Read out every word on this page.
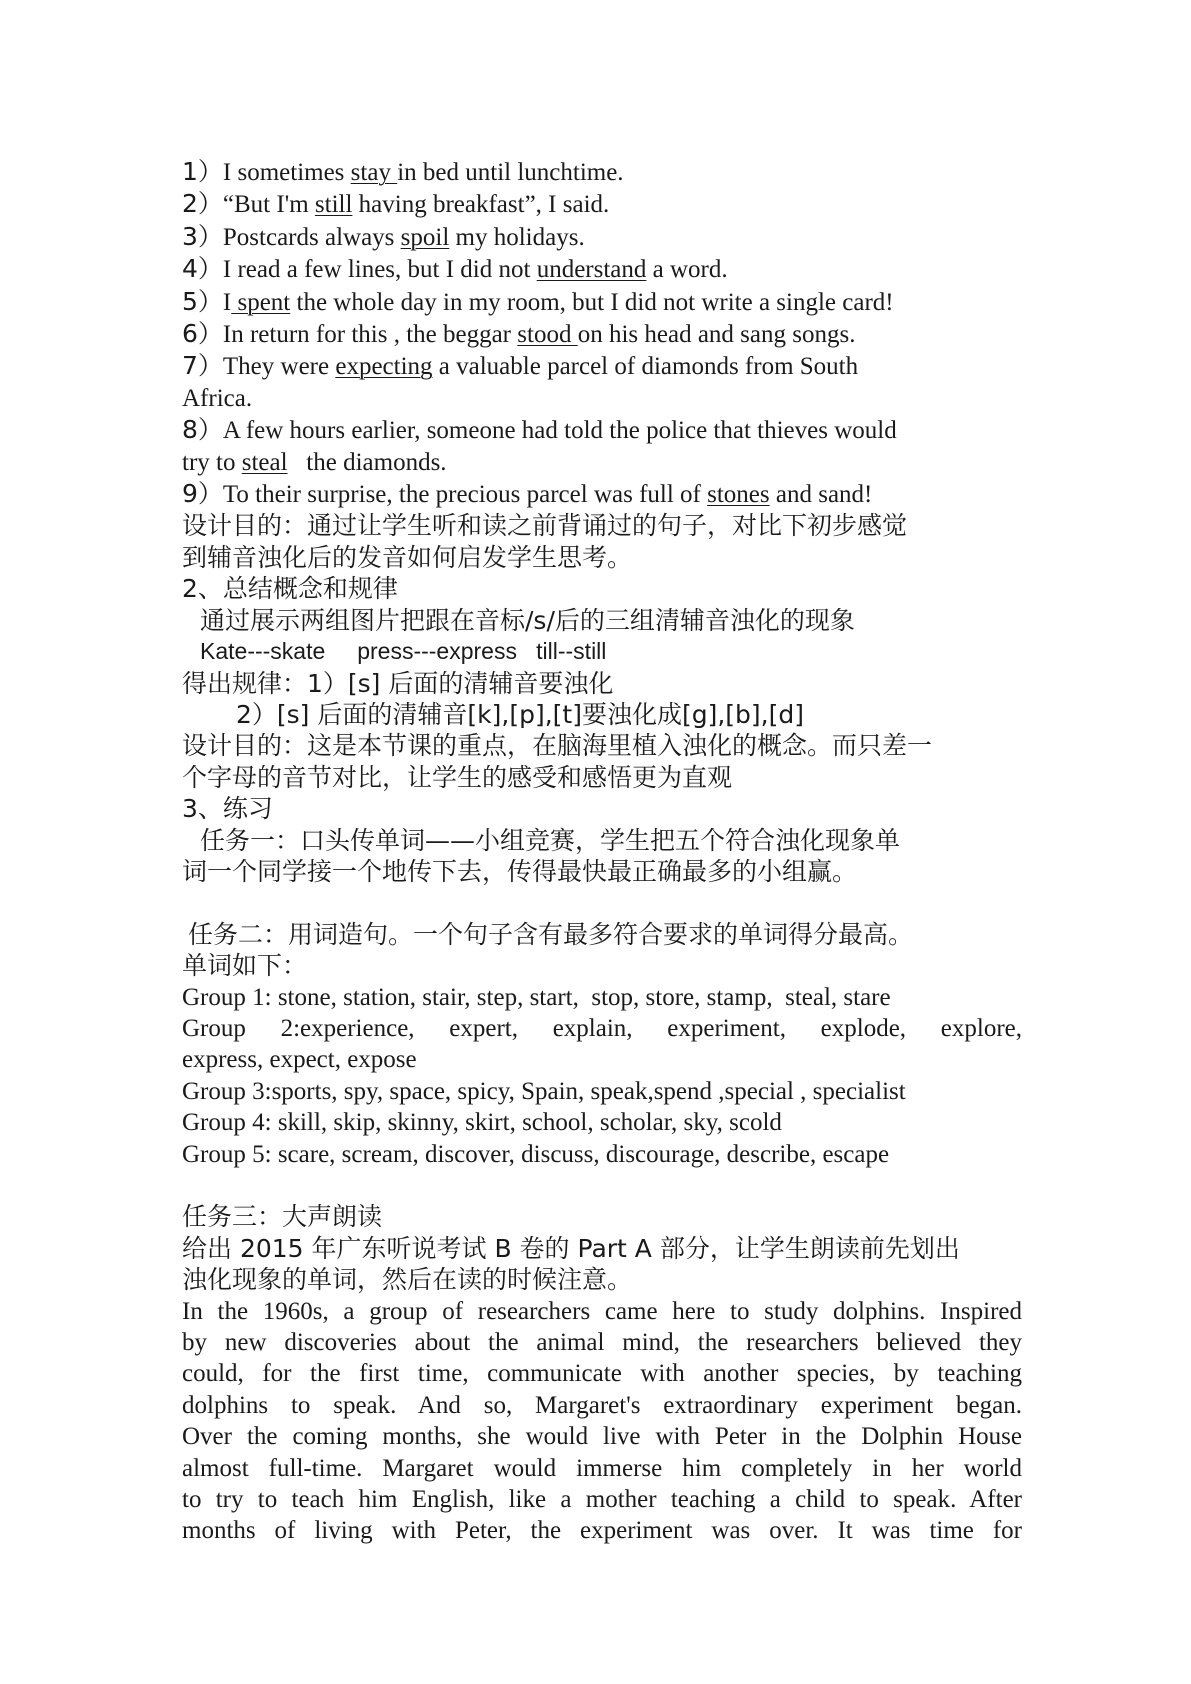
1）I sometimes stay in bed until lunchtime.
2）“But I'm still having breakfast”, I said.
3）Postcards always spoil my holidays.
4）I read a few lines, but I did not understand a word.
5）I spent the whole day in my room, but I did not write a single card!
6）In return for this , the beggar stood on his head and sang songs.
7）They were expecting a valuable parcel of diamonds from South
Africa.
8）A few hours earlier, someone had told the police that thieves would
try to steal   the diamonds.
9）To their surprise, the precious parcel was full of stones and sand!
设计目的：通过让学生听和读之前背诵过的句子，对比下初步感觉
到辅音浊化后的发音如何启发学生思考。
2、总结概念和规律
通过展示两组图片把跟在音标/s/后的三组清辅音浊化的现象
Kate---skate     press---express   till--still
得出规律：1）[s] 后面的清辅音要浊化
2）[s] 后面的清辅音[k],[p],[t]要浊化成[g],[b],[d]
设计目的：这是本节课的重点，在脑海里植入浊化的概念。而只差一
个字母的音节对比，让学生的感受和感悟更为直观
3、练习
任务一：口头传单词——小组竞赛，学生把五个符合浊化现象单
词一个同学接一个地传下去，传得最快最正确最多的小组赢。
任务二：用词造句。一个句子含有最多符合要求的单词得分最高。
单词如下：
Group 1: stone, station, stair, step, start,  stop, store, stamp,  steal, stare
Group 2:experience, expert, explain, experiment, explode, explore,
express, expect, expose
Group 3:sports, spy, space, spicy, Spain, speak,spend ,special , specialist
Group 4: skill, skip, skinny, skirt, school, scholar, sky, scold
Group 5: scare, scream, discover, discuss, discourage, describe, escape
任务三：大声朗读
给出 2015 年广东听说考试 B 卷的 Part A 部分，让学生朗读前先划出
浊化现象的单词，然后在读的时候注意。
In the 1960s, a group of researchers came here to study dolphins. Inspired
by new discoveries about the animal mind, the researchers believed they
could, for the first time, communicate with another species, by teaching
dolphins to speak. And so, Margaret's extraordinary experiment began.
Over the coming months, she would live with Peter in the Dolphin House
almost full-time. Margaret would immerse him completely in her world
to try to teach him English, like a mother teaching a child to speak. After
months of living with Peter, the experiment was over. It was time for
